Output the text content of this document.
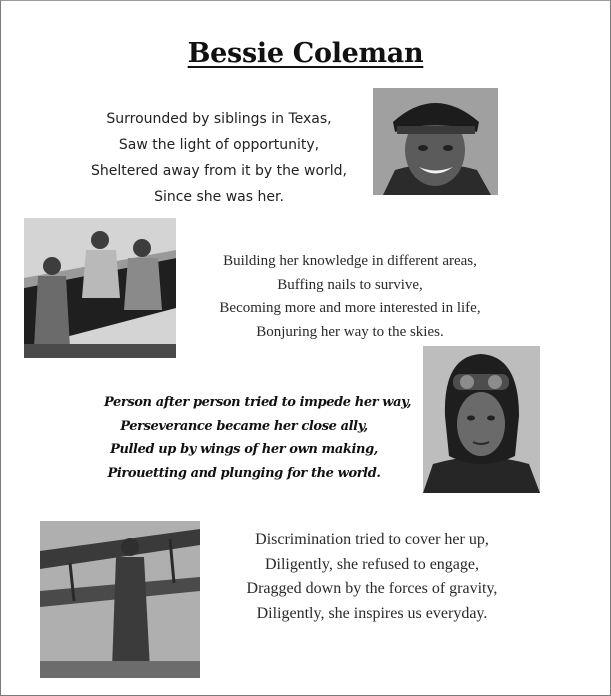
Bessie Coleman
Surrounded by siblings in Texas,
Saw the light of opportunity,
Sheltered away from it by the world,
Since she was her.
Building her knowledge in different areas,
Buffing nails to survive,
Becoming more and more interested in life,
Bonjuring her way to the skies.
Person after person tried to impede her way,
Perseverance became her close ally,
Pulled up by wings of her own making,
Pirouetting and plunging for the world.
Discrimination tried to cover her up,
Diligently, she refused to engage,
Dragged down by the forces of gravity,
Diligently, she inspires us everyday.
